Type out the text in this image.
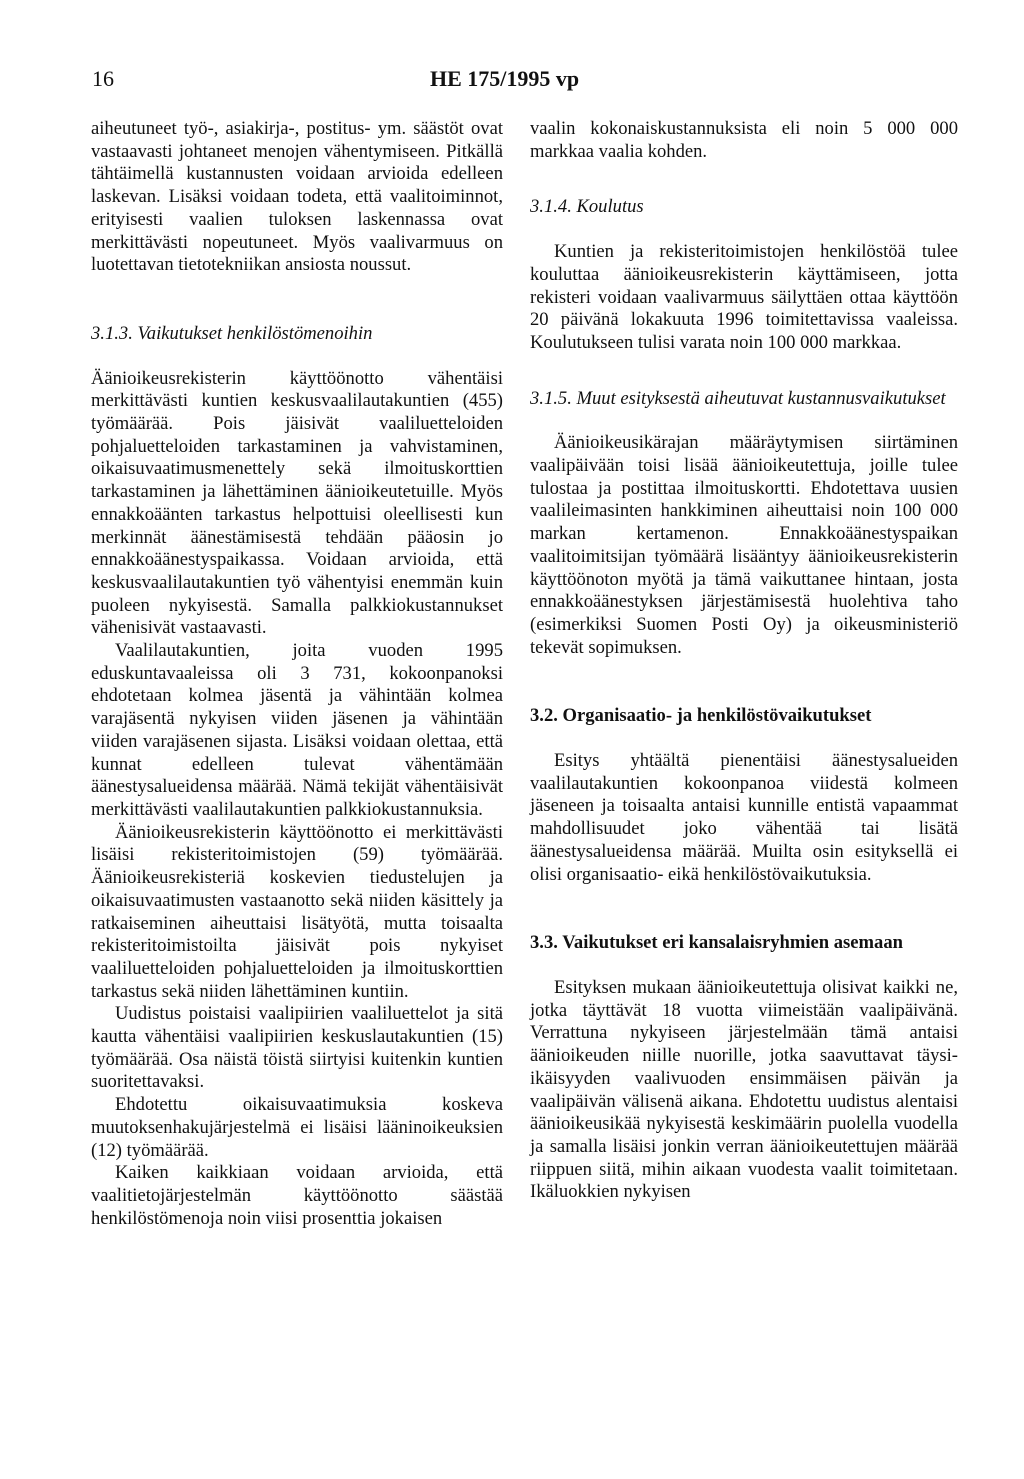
16	HE 175/1995 vp

aiheutuneet työ-, asiakirja-, postitus- ym. säästöt ovat vastaavasti johtaneet menojen vähentymiseen. Pitkällä tähtäimellä kustannusten voidaan arvioida edelleen laskevan. Lisäksi voidaan todeta, että vaalitoiminnot, erityisesti vaalien tuloksen laskennassa ovat merkittävästi nopeutuneet. Myös vaalivarmuus on luotettavan tietotekniikan ansiosta noussut.

3.1.3. Vaikutukset henkilöstömenoihin

Äänioikeusrekisterin käyttöönotto vähentäisi merkittävästi kuntien keskusvaalilautakuntien (455) työmäärää. Pois jäisivät vaaliluetteloiden pohjaluetteloiden tarkastaminen ja vahvistaminen, oikaisuvaatimusmenettely sekä ilmoituskorttien tarkastaminen ja lähettäminen äänioikeutetuille. Myös ennakkoäänten tarkastus helpottuisi oleellisesti kun merkinnät äänestämisestä tehdään pääosin jo ennakkoäänestyspaikassa. Voidaan arvioida, että keskusvaalilautakuntien työ vähentyisi enemmän kuin puoleen nykyisestä. Samalla palkkiokustannukset vähenisivät vastaavasti.

Vaalilautakuntien, joita vuoden 1995 eduskuntavaaleissa oli 3 731, kokoonpanoksi ehdotetaan kolmea jäsentä ja vähintään kolmea varajäsentä nykyisen viiden jäsenen ja vähintään viiden varajäsenen sijasta. Lisäksi voidaan olettaa, että kunnat edelleen tulevat vähentämään äänestysalueidensa määrää. Nämä tekijät vähentäisivät merkittävästi vaalilautakuntien palkkiokustannuksia.

Äänioikeusrekisterin käyttöönotto ei merkittävästi lisäisi rekisteritoimistojen (59) työmäärää. Äänioikeusrekisteriä koskevien tiedustelujen ja oikaisuvaatimusten vastaanotto sekä niiden käsittely ja ratkaiseminen aiheuttaisi lisätyötä, mutta toisaalta rekisteritoimistoilta jäisivät pois nykyiset vaaliluetteloiden pohjaluetteloiden ja ilmoituskorttien tarkastus sekä niiden lähettäminen kuntiin.

Uudistus poistaisi vaalipiirien vaaliluettelot ja sitä kautta vähentäisi vaalipiirien keskuslautakuntien (15) työmäärää. Osa näistä töistä siirtyisi kuitenkin kuntien suoritettavaksi.

Ehdotettu oikaisuvaatimuksia koskeva muutoksenhakujärjestelmä ei lisäisi lääninoikeuksien (12) työmäärää.

Kaiken kaikkiaan voidaan arvioida, että vaalitietojärjestelmän käyttöönotto säästää henkilöstömenoja noin viisi prosenttia jokaisen

vaalin kokonaiskustannuksista eli noin 5 000 000 markkaa vaalia kohden.

3.1.4. Koulutus

Kuntien ja rekisteritoimistojen henkilöstöä tulee kouluttaa äänioikeusrekisterin käyttämiseen, jotta rekisteri voidaan vaalivarmuus säilyttäen ottaa käyttöön 20 päivänä lokakuuta 1996 toimitettavissa vaaleissa. Koulutukseen tulisi varata noin 100 000 markkaa.

3.1.5. Muut esityksestä aiheutuvat kustannusvaikutukset

Äänioikeusikärajan määräytymisen siirtäminen vaalipäivään toisi lisää äänioikeutettuja, joille tulee tulostaa ja postittaa ilmoituskortti. Ehdotettava uusien vaalileimasinten hankkiminen aiheuttaisi noin 100 000 markan kertamenon. Ennakkoäänestyspaikan vaalitoimitsijan työmäärä lisääntyy äänioikeusrekisterin käyttöönoton myötä ja tämä vaikuttanee hintaan, josta ennakkoäänestyksen järjestämisestä huolehtiva taho (esimerkiksi Suomen Posti Oy) ja oikeusministeriö tekevät sopimuksen.

3.2. Organisaatio- ja henkilöstövaikutukset

Esitys yhtäältä pienentäisi äänestysalueiden vaalilautakuntien kokoonpanoa viidestä kolmeen jäseneen ja toisaalta antaisi kunnille entistä vapaammat mahdollisuudet joko vähentää tai lisätä äänestysalueidensa määrää. Muilta osin esityksellä ei olisi organisaatio- eikä henkilöstövaikutuksia.

3.3. Vaikutukset eri kansalaisryhmien asemaan

Esityksen mukaan äänioikeutettuja olisivat kaikki ne, jotka täyttävät 18 vuotta viimeistään vaalipäivänä. Verrattuna nykyiseen järjestelmään tämä antaisi äänioikeuden niille nuorille, jotka saavuttavat täysi-ikäisyyden vaalivuoden ensimmäisen päivän ja vaalipäivän välisenä aikana. Ehdotettu uudistus alentaisi äänioikeusikää nykyisestä keskimäärin puolella vuodella ja samalla lisäisi jonkin verran äänioikeutettujen määrää riippuen siitä, mihin aikaan vuodesta vaalit toimitetaan. Ikäluokkien nykyisen
